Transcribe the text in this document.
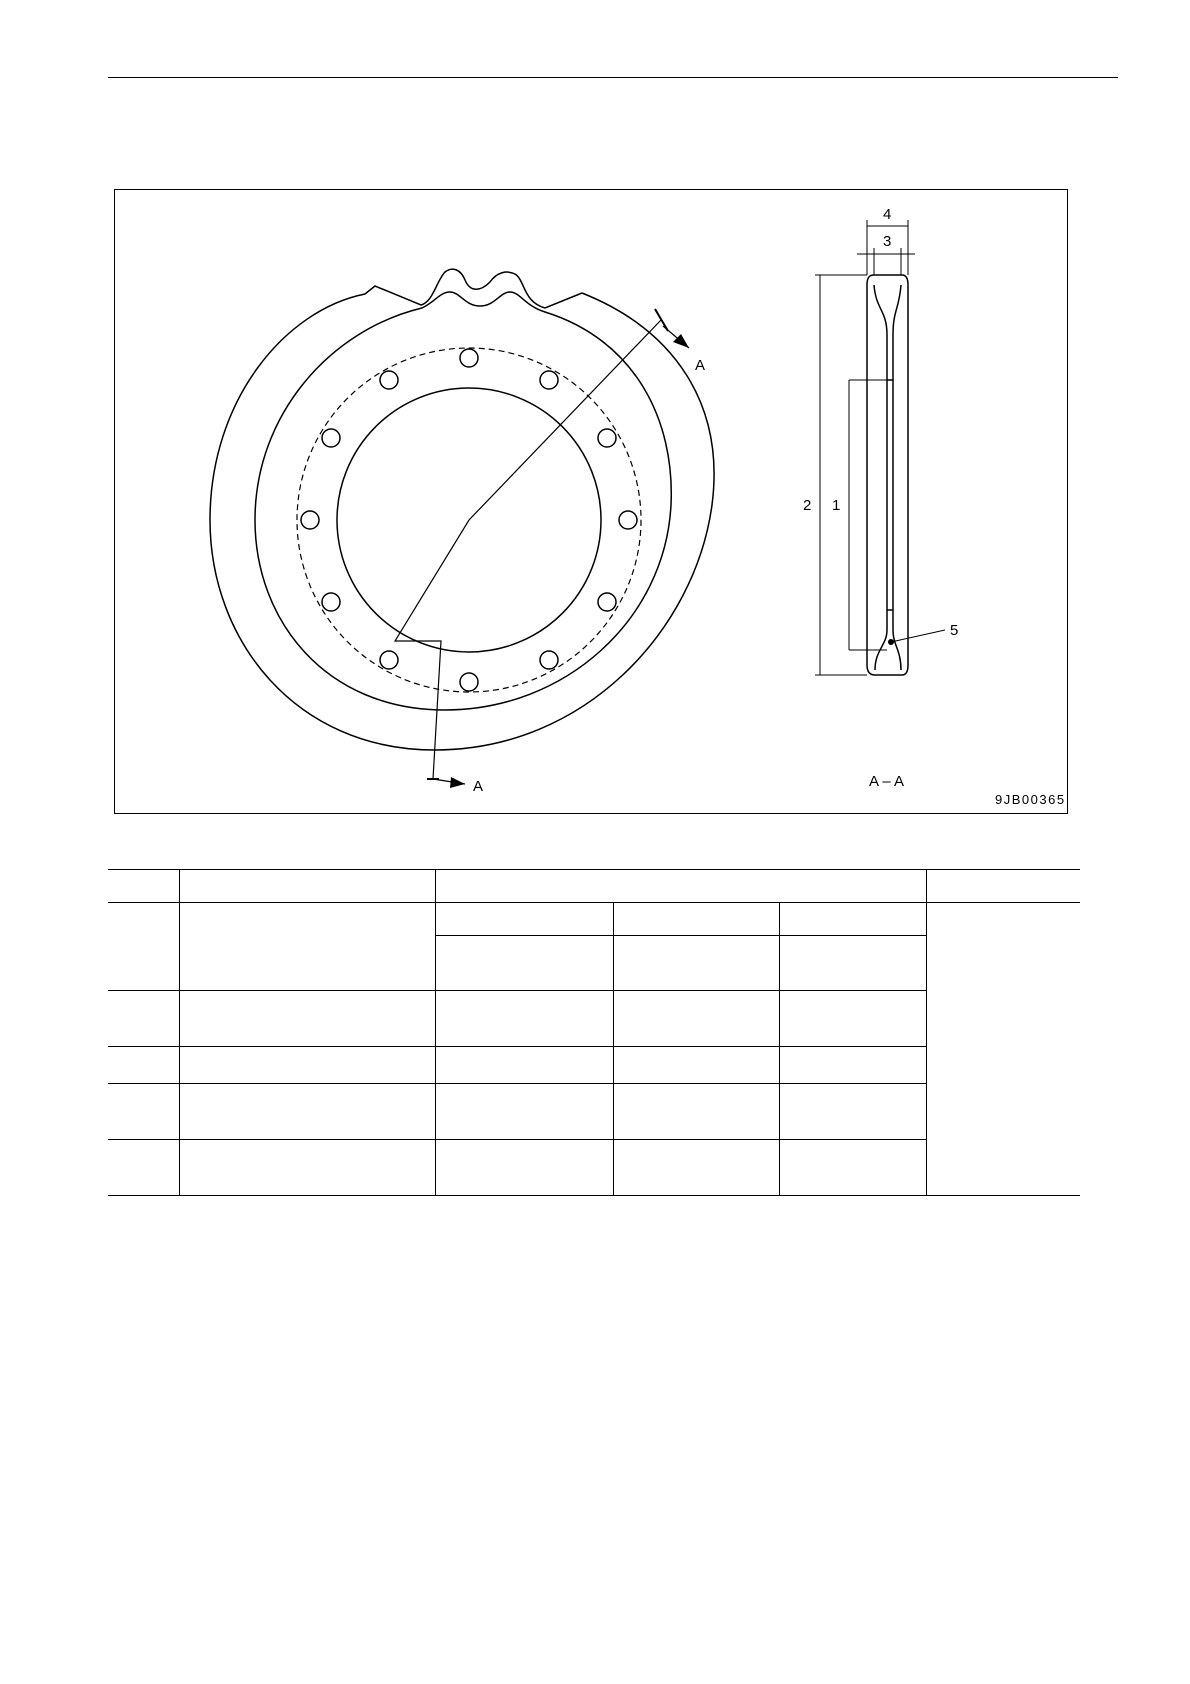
A
A
2 1
4
3
5
A – A
9JB00365
